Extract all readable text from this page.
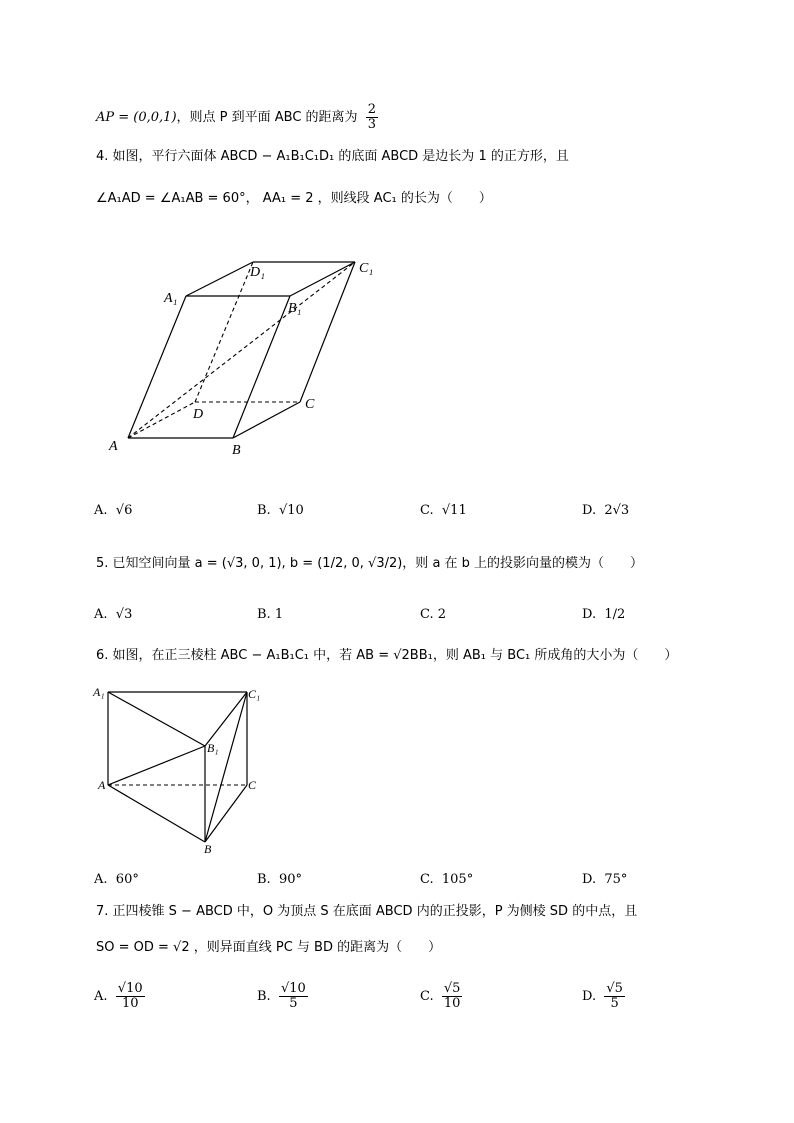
AP = (0,0,1)，则点 P 到平面 ABC 的距离为 $\frac{2}{3}$
4. 如图，平行六面体 ABCD − A₁B₁C₁D₁ 的底面 ABCD 是边长为 1 的正方形，且
∠A₁AD = ∠A₁AB = 60°， AA₁ = 2 ，则线段 AC₁ 的长为（　　）
A₁
B₁
C₁
D₁
A	B
C
D
A. √6	B. √10	C. √11	D. 2√3
5. 已知空间向量 a = (√3, 0, 1), b = (1/2, 0, √3/2)，则 a 在 b 上的投影向量的模为（　　）
A. √3	B. 1	C. 2	D. 1/2
6. 如图，在正三棱柱 ABC − A₁B₁C₁ 中，若 AB = √2BB₁，则 AB₁ 与 BC₁ 所成角的大小为（　　）
A₁	C₁
B₁
A	C
B
A. 60°	B. 90°	C. 105°	D. 75°
7. 正四棱锥 S − ABCD 中，O 为顶点 S 在底面 ABCD 内的正投影，P 为侧棱 SD 的中点，且
SO = OD = √2 ，则异面直线 PC 与 BD 的距离为（　　）
A. $\frac{√10}{10}$	B. $\frac{√10}{5}$	C. $\frac{√5}{10}$	D. $\frac{√5}{5}$
